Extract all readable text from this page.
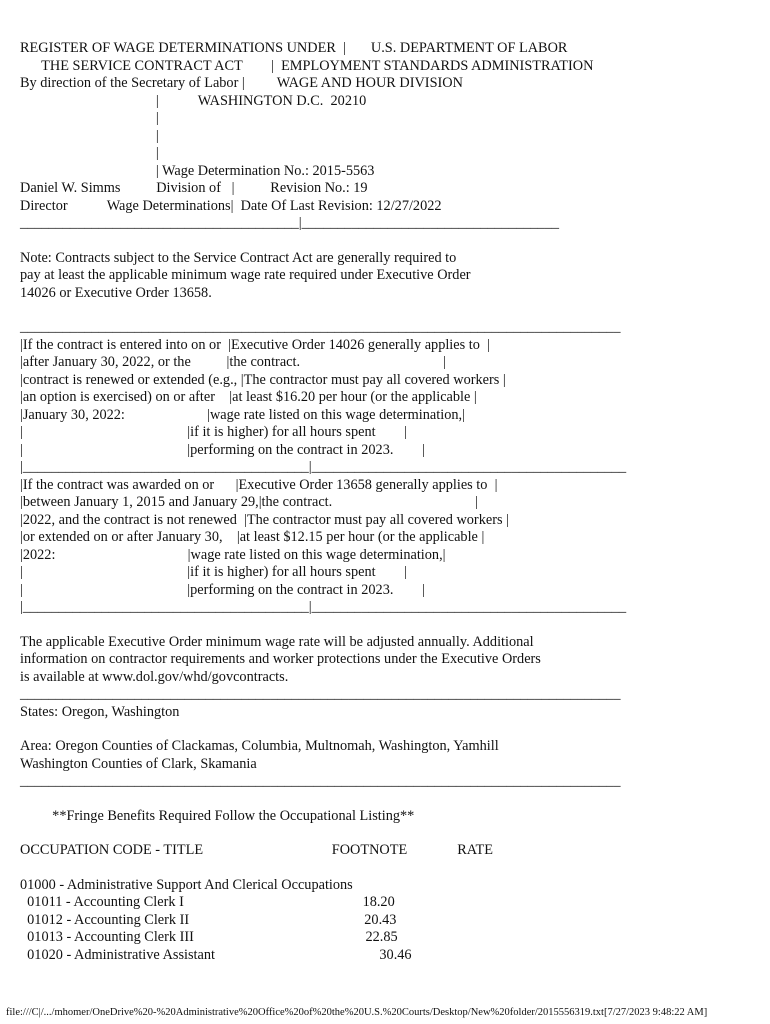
REGISTER OF WAGE DETERMINATIONS UNDER  |       U.S. DEPARTMENT OF LABOR
THE SERVICE CONTRACT ACT        |  EMPLOYMENT STANDARDS ADMINISTRATION
By direction of the Secretary of Labor |         WAGE AND HOUR DIVISION
|           WASHINGTON D.C.  20210
|
|
|
| Wage Determination No.: 2015-5563
Daniel W. Simms          Division of   |          Revision No.: 19
Director           Wage Determinations|  Date Of Last Revision: 12/27/2022
_______________________________________|____________________________________
Note: Contracts subject to the Service Contract Act are generally required to
pay at least the applicable minimum wage rate required under Executive Order
14026 or Executive Order 13658.
____________________________________________________________________________________
|If the contract is entered into on or  |Executive Order 14026 generally applies to  |
|after January 30, 2022, or the          |the contract.                                        |
|contract is renewed or extended (e.g., |The contractor must pay all covered workers |
|an option is exercised) on or after    |at least $16.20 per hour (or the applicable |
|January 30, 2022:                       |wage rate listed on this wage determination,|
|                                              |if it is higher) for all hours spent        |
|                                              |performing on the contract in 2023.        |
|________________________________________|____________________________________________
|If the contract was awarded on or      |Executive Order 13658 generally applies to  |
|between January 1, 2015 and January 29,|the contract.                                        |
|2022, and the contract is not renewed  |The contractor must pay all covered workers |
|or extended on or after January 30,    |at least $12.15 per hour (or the applicable |
|2022:                                     |wage rate listed on this wage determination,|
|                                              |if it is higher) for all hours spent        |
|                                              |performing on the contract in 2023.        |
|________________________________________|____________________________________________
The applicable Executive Order minimum wage rate will be adjusted annually. Additional
information on contractor requirements and worker protections under the Executive Orders
is available at www.dol.gov/whd/govcontracts.
____________________________________________________________________________________
States: Oregon, Washington
Area: Oregon Counties of Clackamas, Columbia, Multnomah, Washington, Yamhill
Washington Counties of Clark, Skamania
____________________________________________________________________________________
**Fringe Benefits Required Follow the Occupational Listing**
OCCUPATION CODE - TITLE                                    FOOTNOTE              RATE
01000 - Administrative Support And Clerical Occupations
01011 - Accounting Clerk I                                                  18.20
01012 - Accounting Clerk II                                                 20.43
01013 - Accounting Clerk III                                                22.85
01020 - Administrative Assistant                                              30.46
file:///C|/.../mhomer/OneDrive%20-%20Administrative%20Office%20of%20the%20U.S.%20Courts/Desktop/New%20folder/2015556319.txt[7/27/2023 9:48:22 AM]
